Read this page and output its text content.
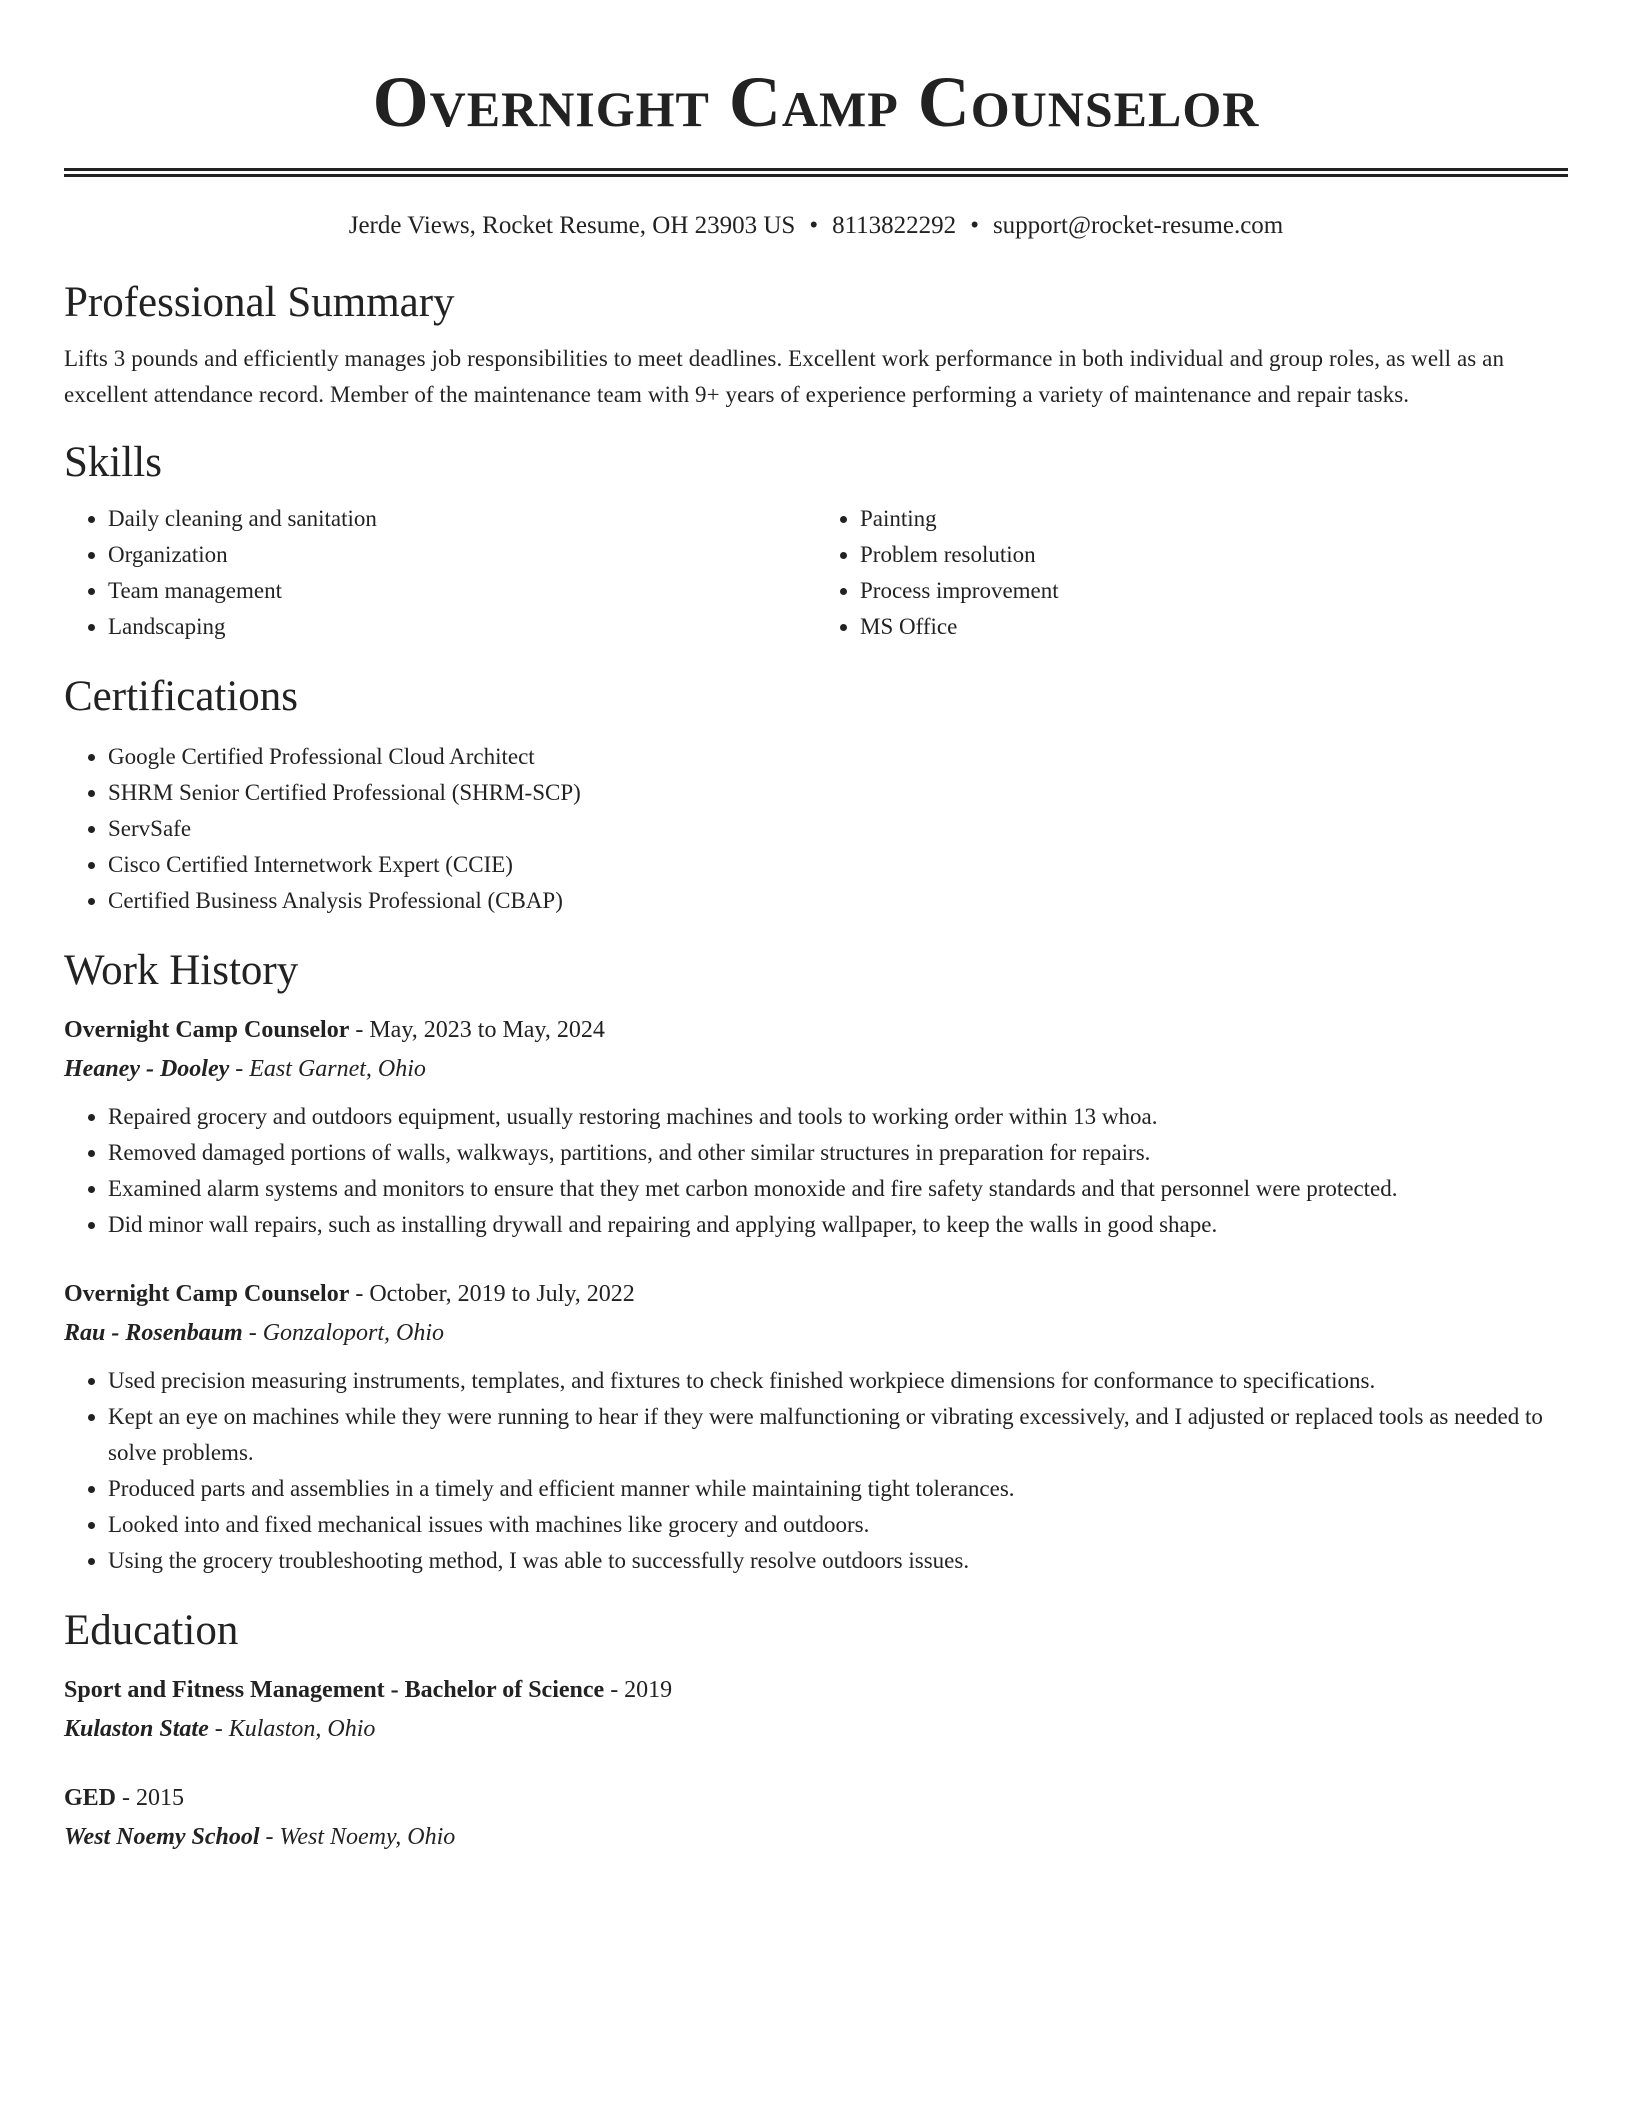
Overnight Camp Counselor
Jerde Views, Rocket Resume, OH 23903 US • 8113822292 • support@rocket-resume.com
Professional Summary
Lifts 3 pounds and efficiently manages job responsibilities to meet deadlines. Excellent work performance in both individual and group roles, as well as an excellent attendance record. Member of the maintenance team with 9+ years of experience performing a variety of maintenance and repair tasks.
Skills
• Daily cleaning and sanitation
• Organization
• Team management
• Landscaping
• Painting
• Problem resolution
• Process improvement
• MS Office
Certifications
• Google Certified Professional Cloud Architect
• SHRM Senior Certified Professional (SHRM-SCP)
• ServSafe
• Cisco Certified Internetwork Expert (CCIE)
• Certified Business Analysis Professional (CBAP)
Work History
Overnight Camp Counselor - May, 2023 to May, 2024
Heaney - Dooley - East Garnet, Ohio
• Repaired grocery and outdoors equipment, usually restoring machines and tools to working order within 13 whoa.
• Removed damaged portions of walls, walkways, partitions, and other similar structures in preparation for repairs.
• Examined alarm systems and monitors to ensure that they met carbon monoxide and fire safety standards and that personnel were protected.
• Did minor wall repairs, such as installing drywall and repairing and applying wallpaper, to keep the walls in good shape.
Overnight Camp Counselor - October, 2019 to July, 2022
Rau - Rosenbaum - Gonzaloport, Ohio
• Used precision measuring instruments, templates, and fixtures to check finished workpiece dimensions for conformance to specifications.
• Kept an eye on machines while they were running to hear if they were malfunctioning or vibrating excessively, and I adjusted or replaced tools as needed to solve problems.
• Produced parts and assemblies in a timely and efficient manner while maintaining tight tolerances.
• Looked into and fixed mechanical issues with machines like grocery and outdoors.
• Using the grocery troubleshooting method, I was able to successfully resolve outdoors issues.
Education
Sport and Fitness Management - Bachelor of Science - 2019
Kulaston State - Kulaston, Ohio
GED - 2015
West Noemy School - West Noemy, Ohio
